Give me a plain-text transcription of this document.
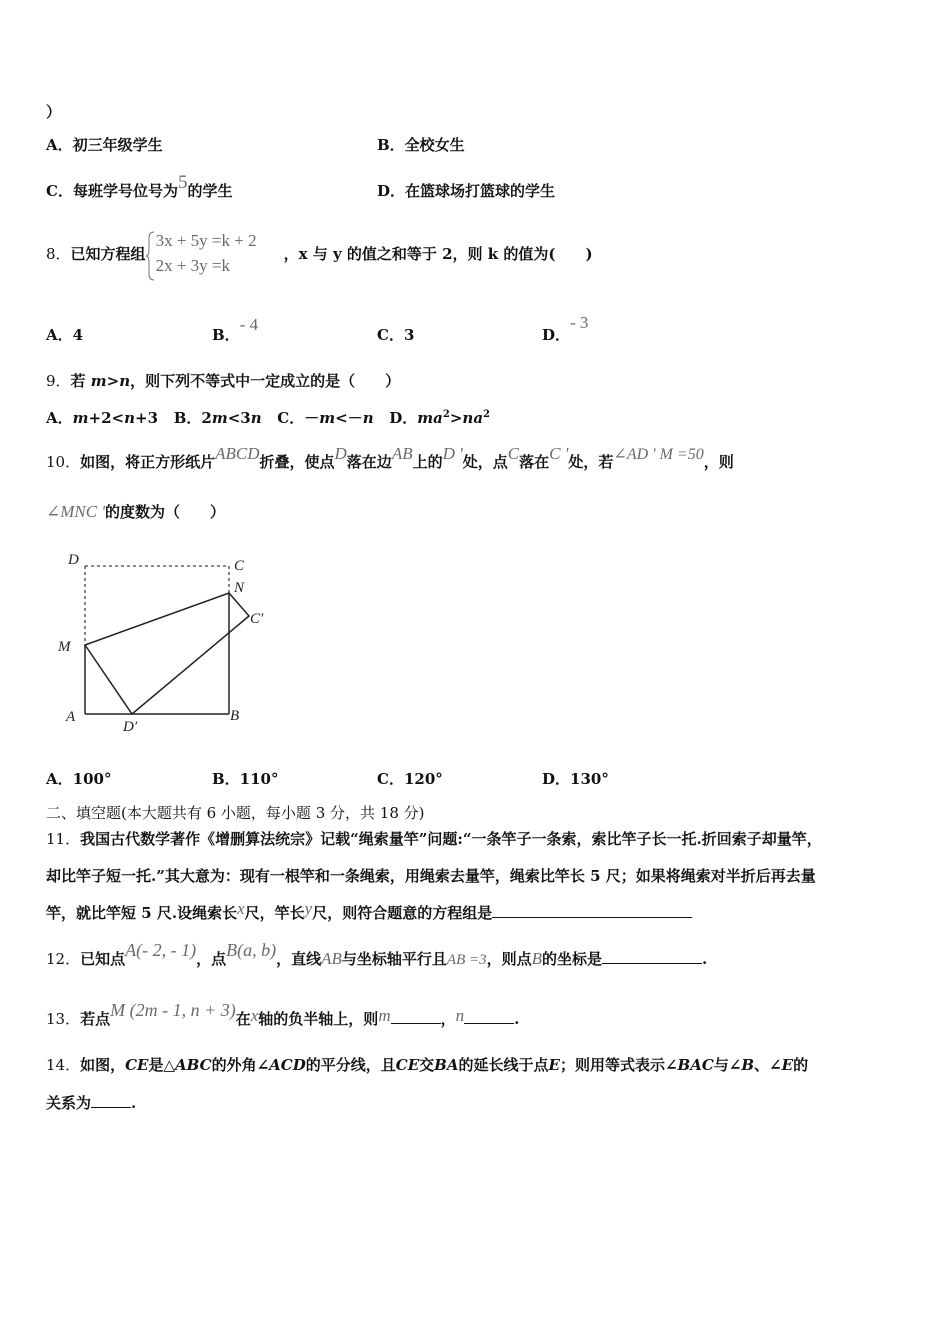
）
A．初三年级学生	B．全校女生
C．每班学号位号为5的学生	D．在篮球场打篮球的学生
8．已知方程组
3x + 5y =k + 2
2x + 3y =k
，x 与 y 的值之和等于 2，则 k 的值为(　　)
A．4	B．- 4
C．3	D．- 3
9．若 m>n，则下列不等式中一定成立的是（　　）
A．m+2<n+3 B．2m<3n C．－m<－n D．$ma^2>na^2$
10．如图，将正方形纸片ABCD折叠，使点D落在边AB上的D '处，点C落在C '处，若∠AD ' M =50，则
∠MNC '的度数为（　　）
D	C
N
C′
M
A
D′
B
A．100°	B．110°	C．120°	D．130°
二、填空题(本大题共有 6 小题，每小题 3 分，共 18 分)
11．我国古代数学著作《增删算法统宗》记载“绳索量竿”问题:“一条竿子一条索，索比竿子长一托.折回索子却量竿，
却比竿子短一托.”其大意为：现有一根竿和一条绳索，用绳索去量竿，绳索比竿长 5 尺；如果将绳索对半折后再去量
竿，就比竿短 5 尺.设绳索长x尺，竿长y尺，则符合题意的方程组是
12．已知点A(- 2, - 1)，点B(a, b)，直线AB与坐标轴平行且AB =3，则点B的坐标是	.
13．若点M (2m - 1, n + 3)在x轴的负半轴上，则m	，n	.
14．如图，CE是△ABC的外角∠ACD的平分线，且CE交BA的延长线于点E；则用等式表示∠BAC与∠B、∠E的
关系为	.
